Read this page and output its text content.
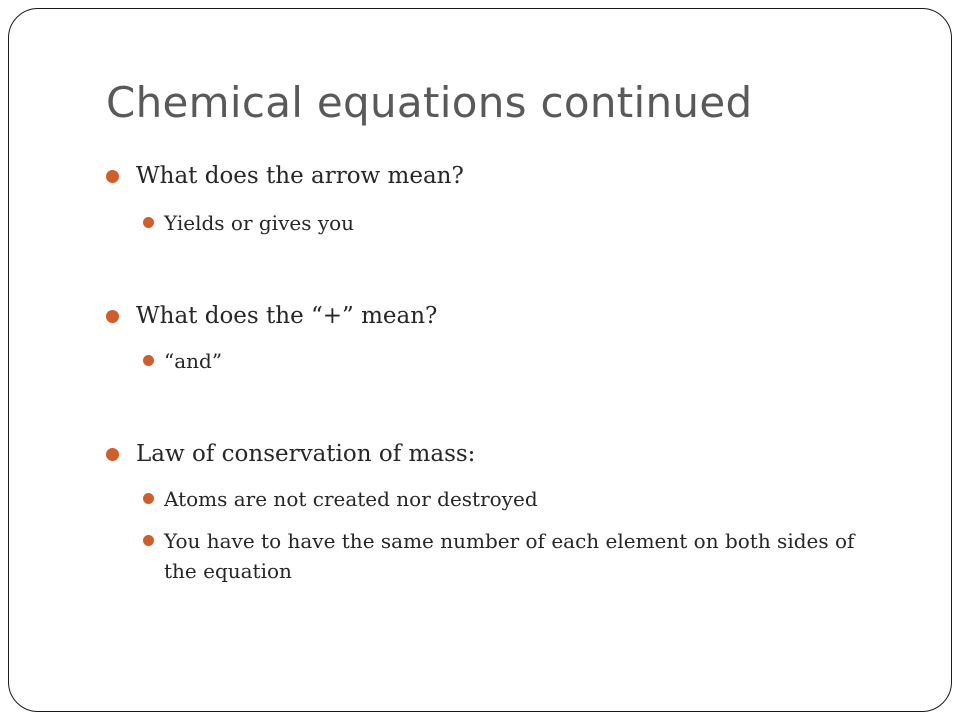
Chemical equations continued
What does the arrow mean?
Yields or gives you
What does the “+” mean?
“and”
Law of conservation of mass:
Atoms are not created nor destroyed
You have to have the same number of each element on both sides of the equation
